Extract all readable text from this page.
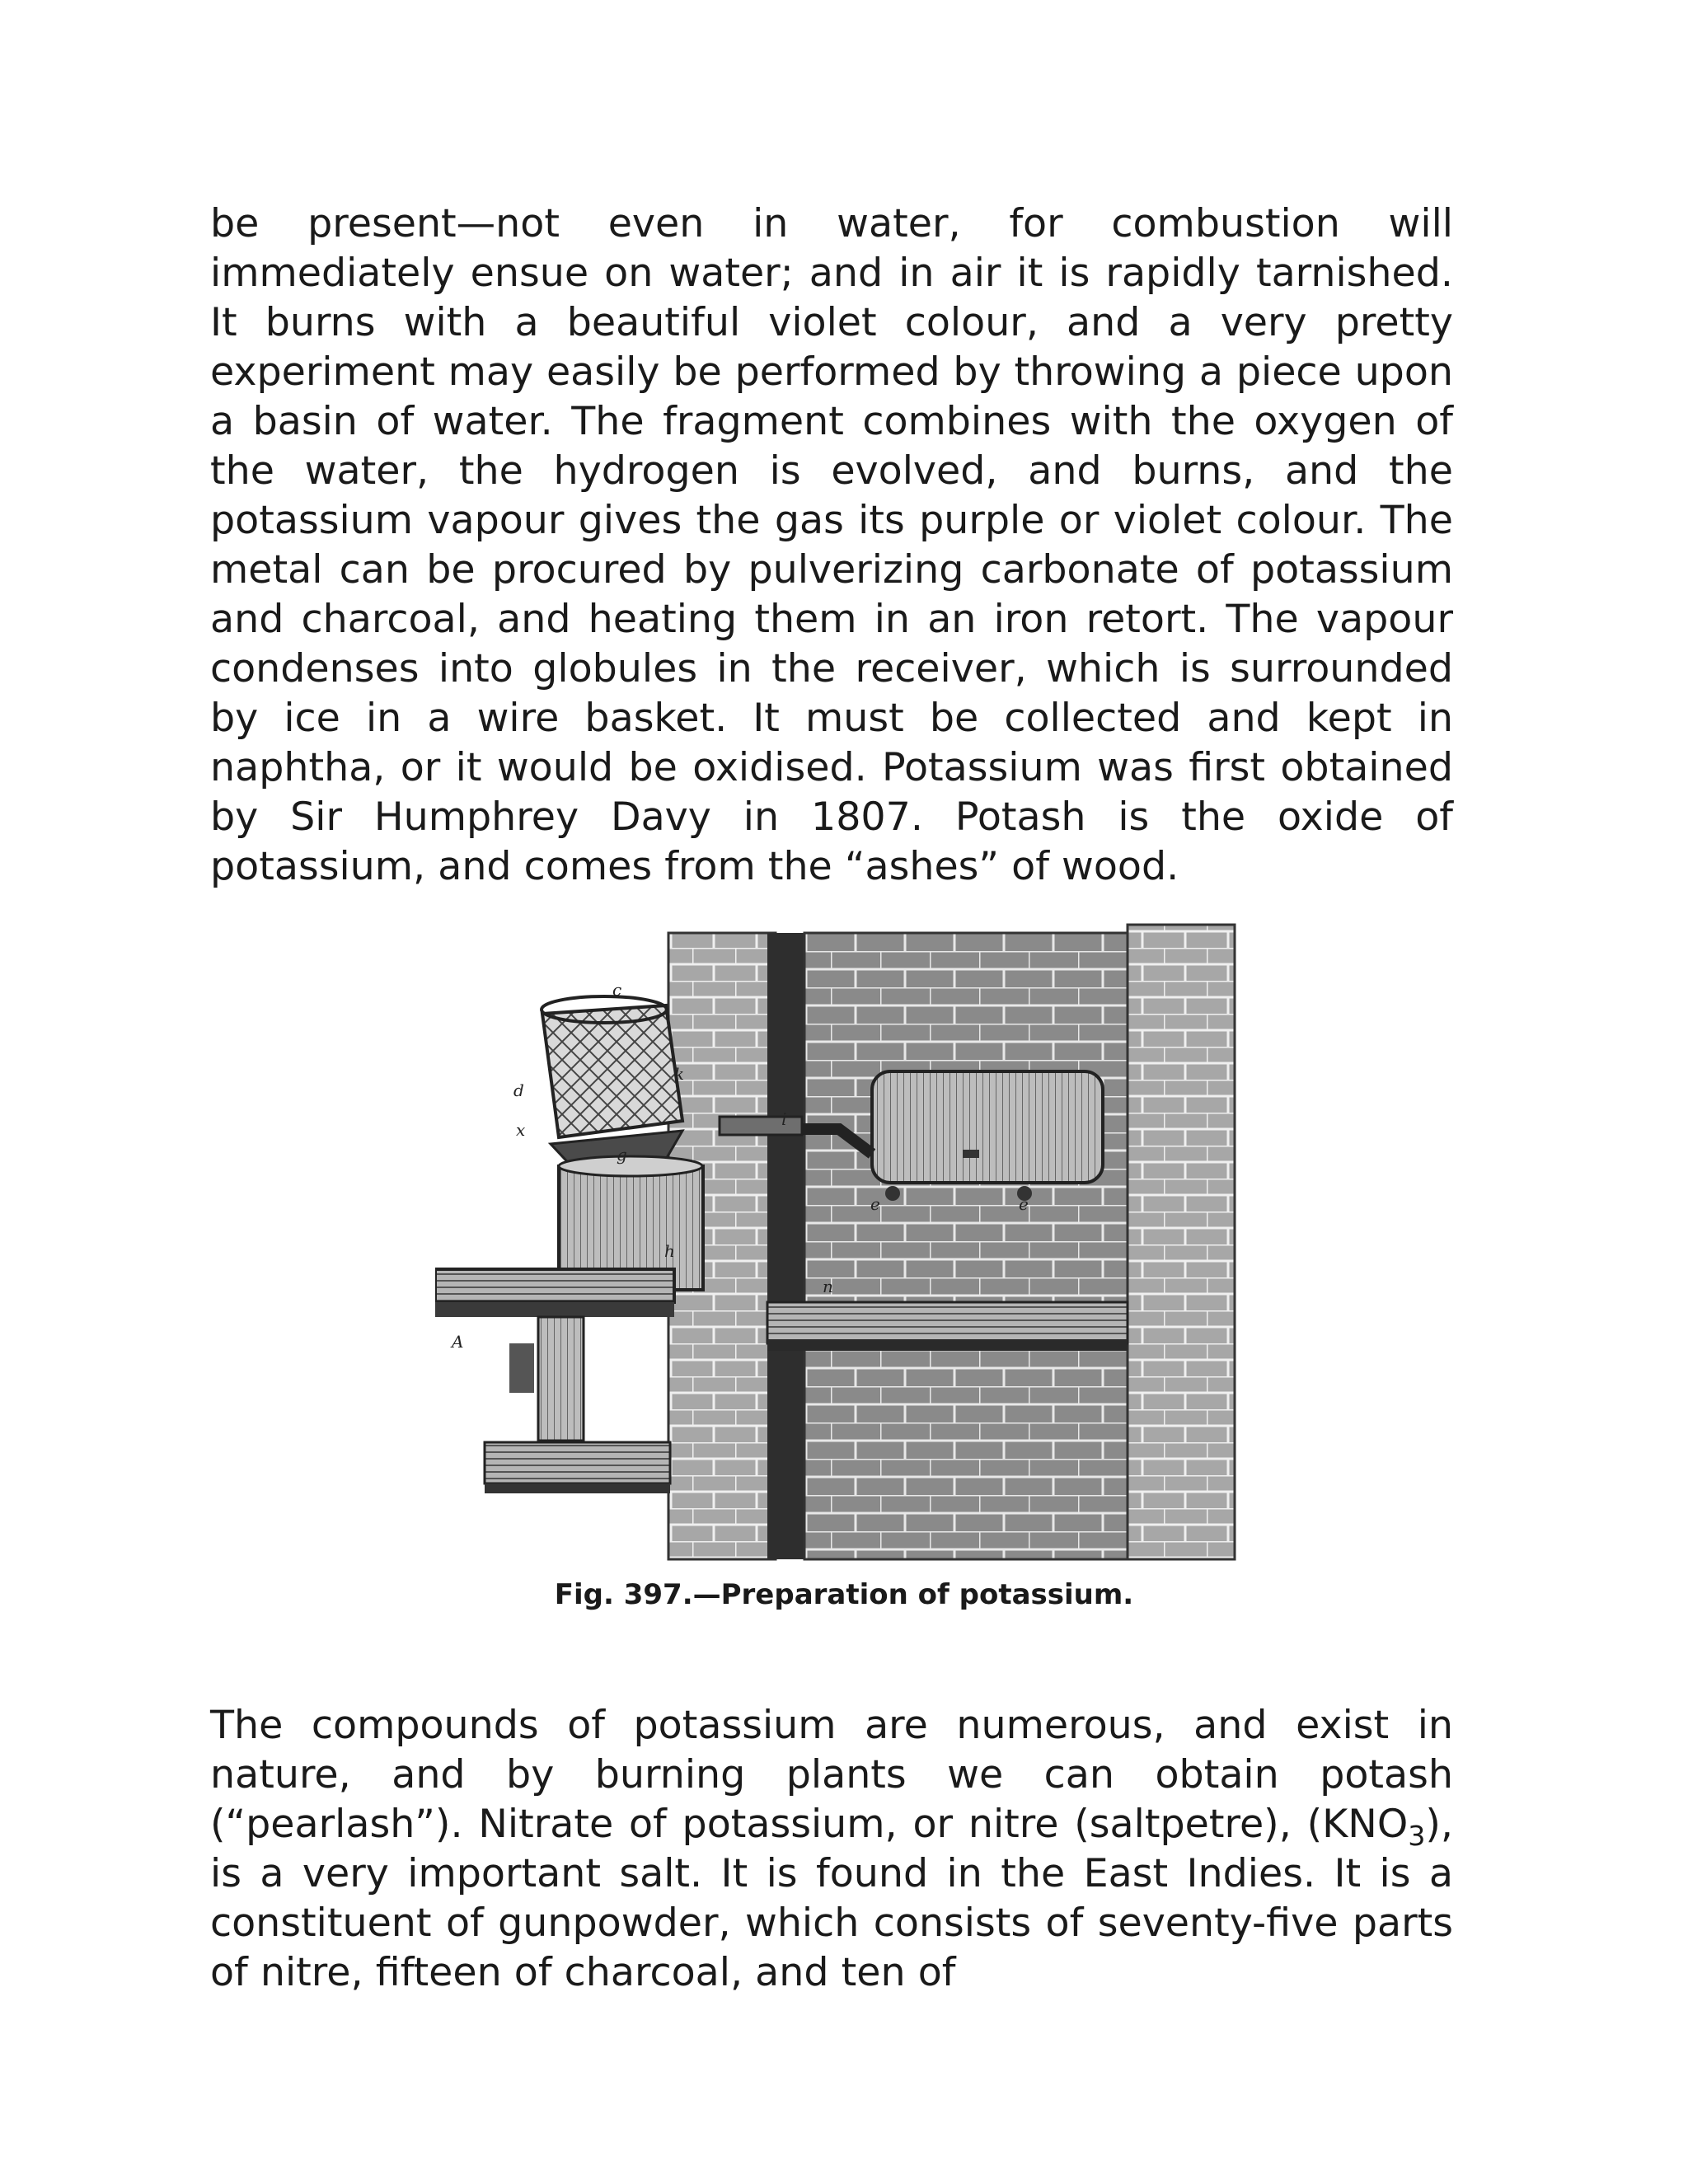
be present—not even in water, for combustion will immediately ensue on water; and in air it is rapidly tarnished. It burns with a beautiful violet colour, and a very pretty experiment may easily be performed by throwing a piece upon a basin of water. The fragment combines with the oxygen of the water, the hydrogen is evolved, and burns, and the potassium vapour gives the gas its purple or violet colour. The metal can be procured by pulverizing carbonate of potassium and charcoal, and heating them in an iron retort. The vapour condenses into globules in the receiver, which is surrounded by ice in a wire basket. It must be collected and kept in naphtha, or it would be oxidised. Potassium was first obtained by Sir Humphrey Davy in 1807. Potash is the oxide of potassium, and comes from the “ashes” of wood.

c
d
x
k
g
h
i
e	e
n
A
Fig. 397.—Preparation of potassium.

The compounds of potassium are numerous, and exist in nature, and by burning plants we can obtain potash (“pearlash”). Nitrate of potassium, or nitre (saltpetre), $(KNO_3)$, is a very important salt. It is found in the East Indies. It is a constituent of gunpowder, which consists of seventy-five parts of nitre, fifteen of charcoal, and ten of
